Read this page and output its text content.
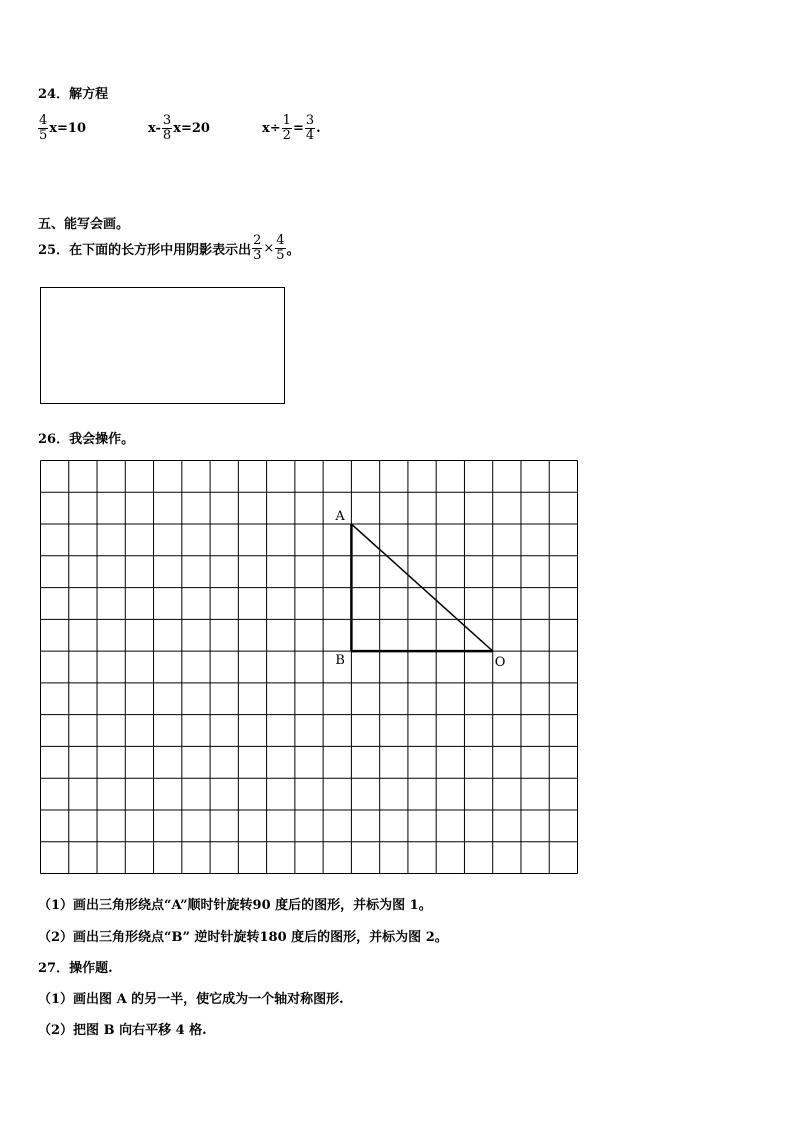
24．解方程
$\frac{4}{5} x=10$	$x- \frac{3}{8} x=20$	$x\div \frac{1}{2} = \frac{3}{4}$ .
五、能写会画。
25．在下面的长方形中用阴影表示出 $\frac{2}{3} \times \frac{4}{5}$ 。
26．我会操作。
A
B	O
（1）画出三角形绕点“A”顺时针旋转90 度后的图形，并标为图 1。
（2）画出三角形绕点“B” 逆时针旋转180 度后的图形，并标为图 2。
27．操作题.
（1）画出图 A 的另一半，使它成为一个轴对称图形.
（2）把图 B 向右平移 4 格.
